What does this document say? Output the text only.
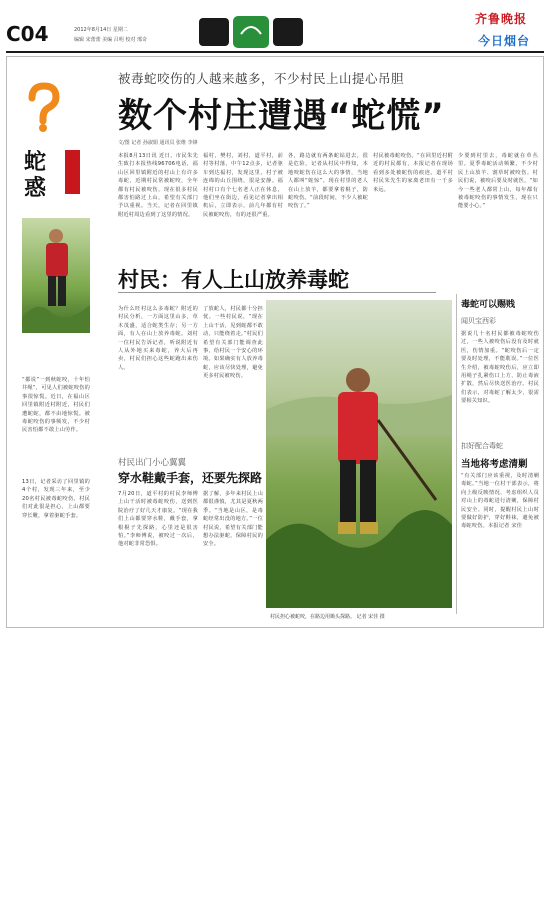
C04	2012年8月14日 星期二
编辑 宋蕾蕾 美编 吕明 校对 邢奇
齐鲁晚报
今日烟台
蛇
惑
“都说”一到秋蛇咬，十年怕井绳“，可见人们被蛇咬伤的事很惊慌。近日，在福山区回里镇附近村附近，村民们遭蛇蛇，都不由地惊慌。被毒蛇咬伤的事频发，不少村民害怕都不敢上山劳作。
13日，记者采访了回里镇的4个村，发现三年来，至少20名村民被毒蛇咬伤，村民们对此很是担心，上山都要穿长靴，拿着驱蛇手套。
被毒蛇咬伤的人越来越多，不少村民上山提心吊胆
数个村庄遭遇“蛇慌”
文/图 记者 孙淑娟 通讯员 张维 李锋
本报8月13日讯 近日，市民朱先生致打本报热线96706电话，福山区回里镇附近的村山上有许多毒蛇，近期村民常被蛇咬，全年都有村民被咬伤，现在很多村民都害怕路过上山，希望有关部门予以重视。当天，记者在回里镇附近村周边看到了这里的情况。
福村，樊村，刘村，道平村，前村等村落，中午12点多，记者驱车到达福村，发现这里，村子被连绵的山丘围绕，很是安静。福村村口有个七名老人正在休息，他们坐在街边，看见记者拿出相机后，立即表示，前几年都有村民被蛇咬伤，有的还很严重。
各，路边就有两条蛇钻进去，很是危险。记者从村民中得知，本地咬蛇伤在这么大的事情，当地人都叫“蛇惊”。现在村里的老人在山上放羊，都要拿着棍子，防蛇咬伤。“前段时间，不少人被蛇咬伤了。”
村民被毒蛇咬伤。“在回里近村附近的村民都有，本报记者在现场看到多处被蛇伤的痕迹。道平村村民朱先生的家离老田有一千多米远。
少要到村里去，毒蛇就在草丛里。夏季毒蛇活动频繁，不少村民上山放羊、割草时被咬伤。村民们说，被咬后要及时就医。“如今一些老人都常上山，每年都有被毒蛇咬伤的事情发生，现在只能要小心。”
村民：有人上山放养毒蛇
为什么旺村这么多毒蛇？附近的村民分析，一方面这里山多，草木茂盛，适合蛇类生存；另一方面，有人在山上放养毒蛇。刘村一位村民告诉记者，听说附近有人从外地买来毒蛇，养大后再卖，村民们担心这些蛇跑出来伤人。
了放蛇人，村民都十分担忧。一些村民说，“现在上山干活，见到蛇都不敢动，只能绕着走。”村民们希望有关部门能调查此事，给村民一个安心的环境。如果确实有人放养毒蛇，应该尽快处理，避免更多村民被咬伤。
村民出门小心翼翼
穿水鞋戴手套，还要先探路
7月20日，道平村的村民李师傅上山干活时被毒蛇咬伤，送到医院治疗了好几天才康复。“现在我们上山都要穿水鞋，戴手套，拿根棍子先探路，心里还是很害怕。”李师傅说，被咬过一次后，他对蛇非常恐惧。
据了解，多年来村民上山都很谨慎，尤其是夏秋两季。“当地是山区，是毒蛇经常出没的地方。”一位村民说，希望有关部门能想办法驱蛇，保障村民的安全。
村民担心被蛇咬，在路边用锄头探路。 记者 宋佳 摄
毒蛇可以赐贱
闻贝宝西彩
据说几十名村民都被毒蛇咬伤过，一些人被咬伤后没有及时就医，伤情加重。“蛇咬伤后一定要及时处理，不能耽误。”一位医生介绍，被毒蛇咬伤后，应立即用绳子扎紧伤口上方，防止毒液扩散，然后尽快送医治疗。村民们表示，对毒蛇了解太少，很需要相关知识。
扣好配合毒蛇
当地将考虑清剿
“有关部门应该重视，及时清剿毒蛇。”当地一位村干部表示，将向上级反映情况，考虑组织人员对山上的毒蛇进行清剿，保障村民安全。同时，提醒村民上山时要做好防护，穿好鞋袜，避免被毒蛇咬伤。本报记者 宋佳
